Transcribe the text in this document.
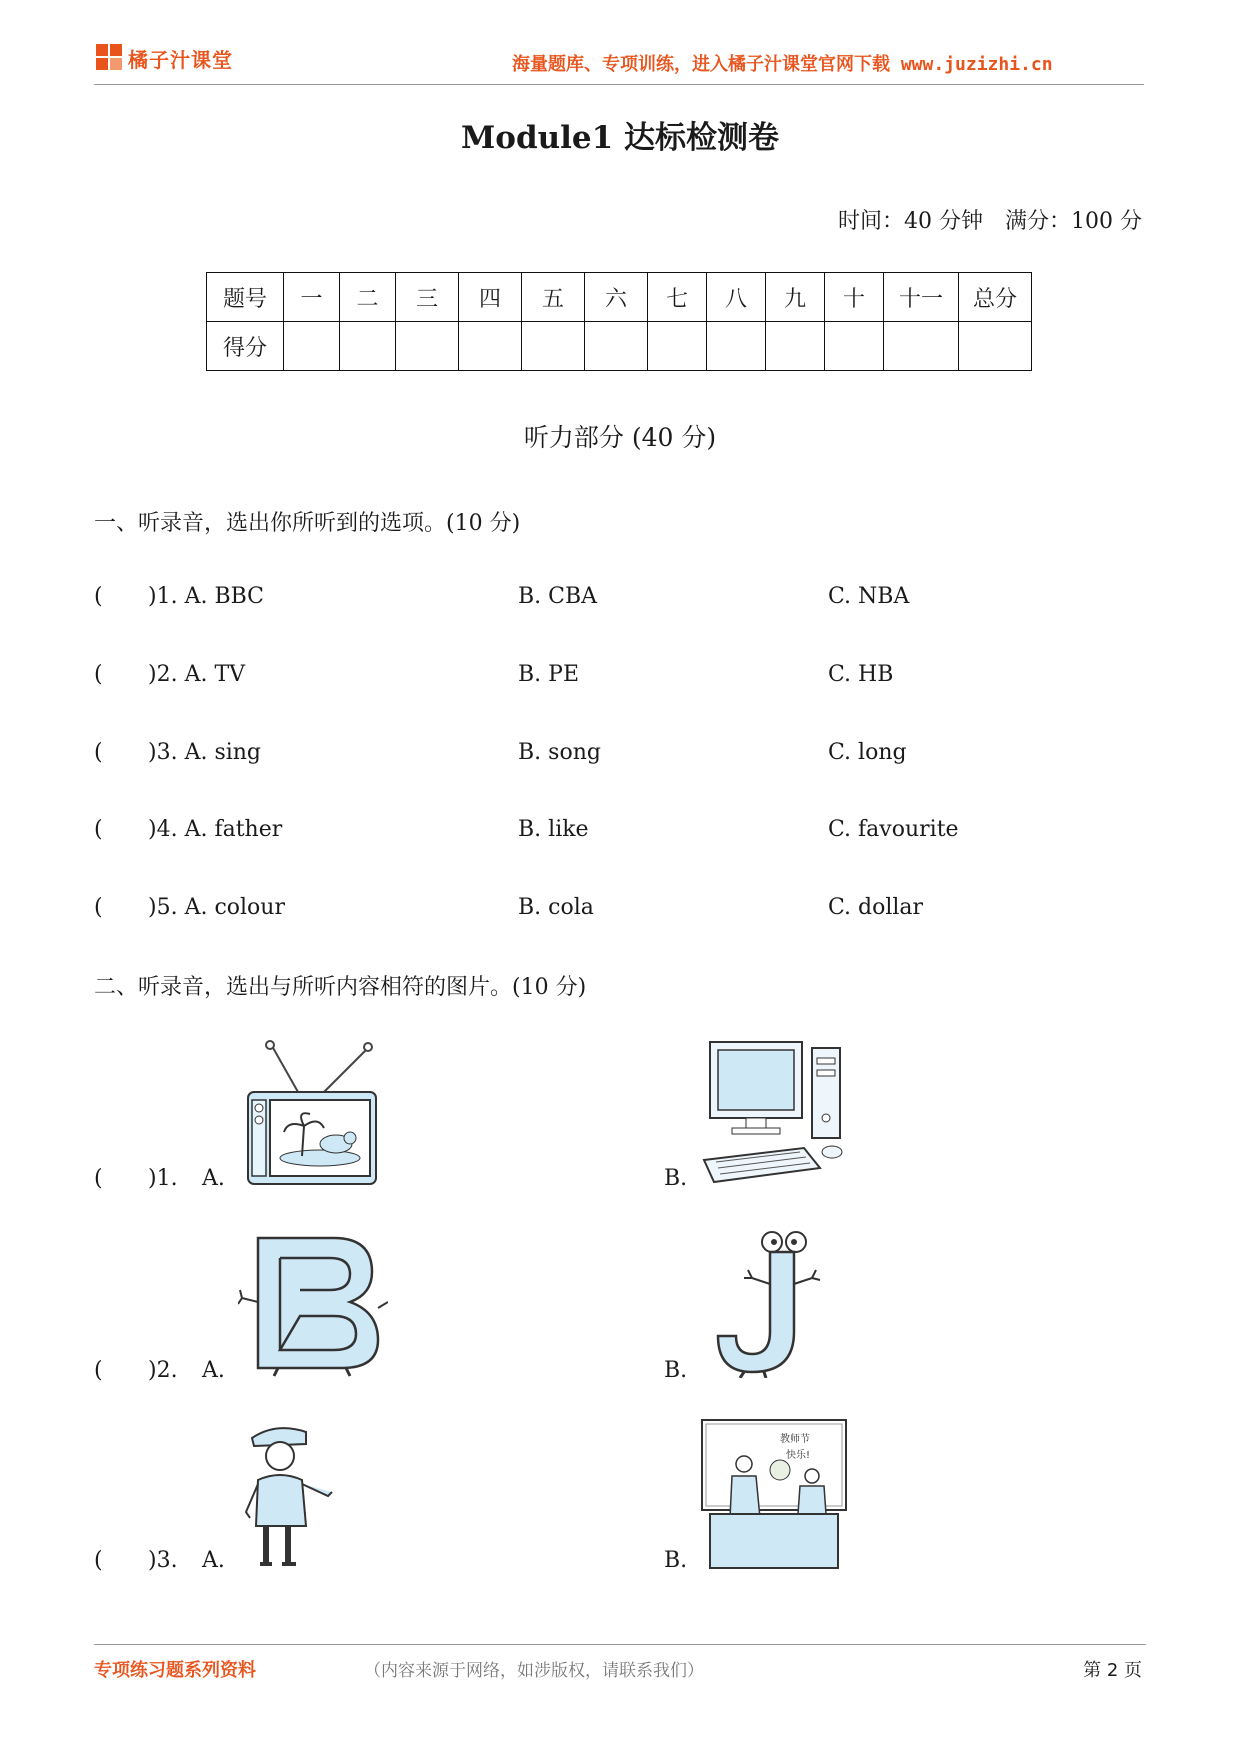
橘子汁课堂	海量题库、专项训练，进入橘子汁课堂官网下载 www.juzizhi.cn
Module1 达标检测卷
时间：40 分钟　满分：100 分
题号	一	二	三	四	五	六	七	八	九	十	十一	总分
得分												
听力部分 (40 分)
一、听录音，选出你所听到的选项。(10 分)
( )1. A. BBC	B. CBA	C. NBA
( )2. A. TV	B. PE	C. HB
( )3. A. sing	B. song	C. long
( )4. A. father	B. like	C. favourite
( )5. A. colour	B. cola	C. dollar
二、听录音，选出与所听内容相符的图片。(10 分)
( )1. A.	B.
( )2. A.	B.
( )3. A.	B.
教师节
快乐!
专项练习题系列资料	（内容来源于网络，如涉版权，请联系我们）	第 2 页
